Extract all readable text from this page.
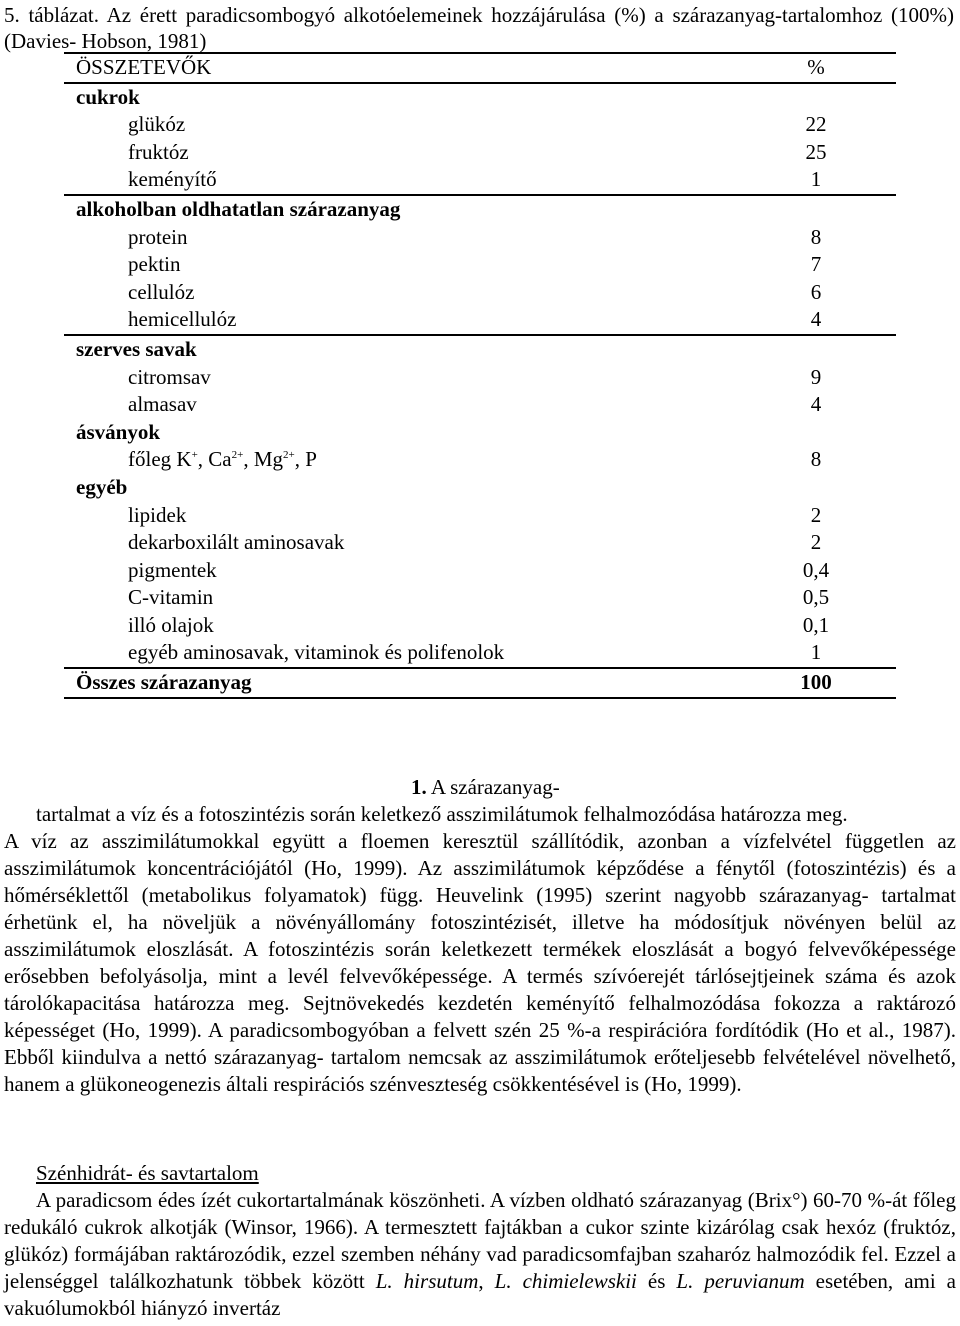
5. táblázat. Az érett paradicsombogyó alkotóelemeinek hozzájárulása (%) a szárazanyag-tartalomhoz (100%) (Davies- Hobson, 1981)

ÖSSZETEVŐK	%
cukrok	
glükóz	22
fruktóz	25
keményítő	1
alkoholban oldhatatlan szárazanyag	
protein	8
pektin	7
cellulóz	6
hemicellulóz	4
szerves savak	
citromsav	9
almasav	4
ásványok	
főleg K+, $Ca^{2+}$, $Mg^{2+}$, P	8
egyéb	
lipidek	2
dekarboxilált aminosavak	2
pigmentek	0,4
C-vitamin	0,5
illó olajok	0,1
egyéb aminosavak, vitaminok és polifenolok	1
Összes szárazanyag	100

1. A szárazanyag-

tartalmat a víz és a fotoszintézis során keletkező asszimilátumok felhalmozódása határozza meg.
A víz az asszimilátumokkal együtt a floemen keresztül szállítódik, azonban a vízfelvétel független az asszimilátumok koncentrációjától (Ho, 1999). Az asszimilátumok képződése a fénytől (fotoszintézis) és a hőmérséklettől (metabolikus folyamatok) függ. Heuvelink (1995) szerint nagyobb szárazanyag- tartalmat érhetünk el, ha növeljük a növényállomány fotoszintézisét, illetve ha módosítjuk növényen belül az asszimilátumok eloszlását. A fotoszintézis során keletkezett termékek eloszlását a bogyó felvevőképessége erősebben befolyásolja, mint a levél felvevőképessége. A termés szívóerejét tárlósejtjeinek száma és azok tárolókapacitása határozza meg. Sejtnövekedés kezdetén keményítő felhalmozódása fokozza a raktározó képességet (Ho, 1999). A paradicsombogyóban a felvett szén 25 %-a respirációra fordítódik (Ho et al., 1987). Ebből kiindulva a nettó szárazanyag- tartalom nemcsak az asszimilátumok erőteljesebb felvételével növelhető, hanem a glükoneogenezis általi respirációs szénveszteség csökkentésével is (Ho, 1999).

Szénhidrát- és savtartalom

A paradicsom édes ízét cukortartalmának köszönheti. A vízben oldható szárazanyag (Brix°) 60-70 %-át főleg redukáló cukrok alkotják (Winsor, 1966). A termesztett fajtákban a cukor szinte kizárólag csak hexóz (fruktóz, glükóz) formájában raktározódik, ezzel szemben néhány vad paradicsomfajban szaharóz halmozódik fel. Ezzel a jelenséggel találkozhatunk többek között L. hirsutum, L. chimielewskii és L. peruvianum esetében, ami a vakuólumokból hiányzó invertáz
